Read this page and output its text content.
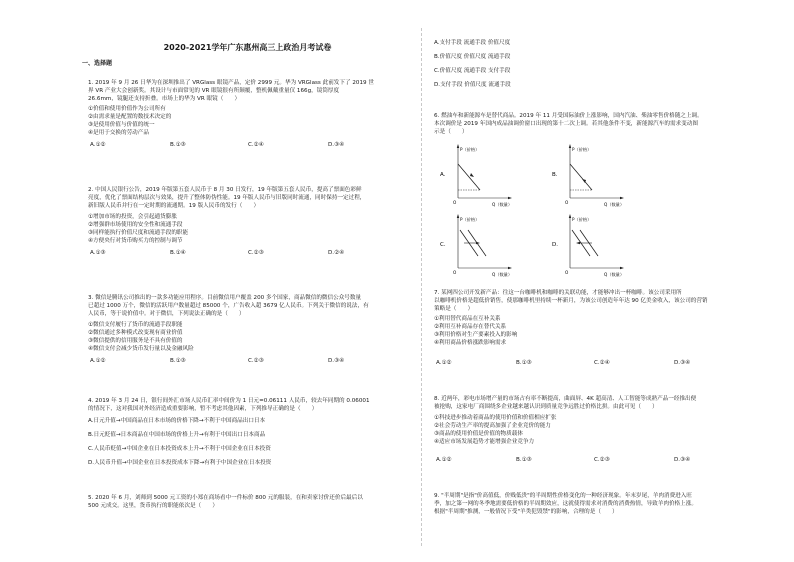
2020-2021学年广东惠州高三上政治月考试卷
一、选择题
1. 2019 年 9 月 26 日华为在深圳推出了 VRGlass 眼镜产品，定价 2999 元。华为 VRGlass 此前发下了 2019 世
界 VR 产业大会创新奖。其设计与市面常见的 VR 眼镜很有所颠覆，整机佩戴重量仅 166g，镜筒厚度
26.6mm，镜腿还支持折叠。市场上的华为 VR 眼镜（　　）
①价值和使用价值作为公司所有
②由需求量是配置的数技术决定的
③是使用价值与价值的统一
④是用于交换的劳动产品
A.①②	B.①③	C.②④	D.③④
2. 中国人民银行公告，2019 年版第五套人民币于 8 月 30 日发行，19 年版第五套人民币，提高了票面色彩鲜
亮度，优化了票面结构层次与效果，提升了整体防伪性能。19 年版人民币与旧版同时流通，同时保持一定过程，
新旧版人民币并行在一定时期的流通期。19 版人民币的发行（　　）
①增加市场的投资，会引起通货膨胀
②增强群市场使用的安全性和流通手段
③同样能执行价值尺度和流通手段的职能
④方便央行对货币购买力的控制与调节
A.①③	B.①④	C.②③	D.②④
3. 微信是腾讯公司推出的一款多功能应用程序。目前微信用户覆盖 200 多个国家，商品微信的微信公众号数量
已超过 1000 万个，微信的活跃用户数量超过 85000 个，广告收入超 3679 亿人民币。下列关于微信的说法，有
人民币，等于说价值中。对于微信，下列说法正确的是（　　）
①微信支付履行了货币的流通手段职能
②微信通过多种模式改变现有商业价值
③微信提供的信用服务是不具有价值的
④微信支付会减少货币发行量以及金融风险
A.①②	B.①③	C.②③	D.③④
4. 2019 年 3 月 24 日，银行间外汇市场人民币汇率中间价为 1 日元=0.06111 人民币，较去年同期的 0.06001
的情况下，这对我国对外经济造成重要影响，暂不考虑其他因素，下列推导正确的是（　　）
A.日元升值→中国商品在日本市场的价格下降→不利于中国商品出口日本
B.日元贬值→日本商品在中国市场的价格上升→有利于中国出口日本商品
C.人民币贬值→中国企业在日本投资成本上升→不利于中国企业在日本投资
D.人民币升值→中国企业在日本投资成本下降→有利于中国企业在日本投资
5. 2020 年 6 月，刘师到 5000 元工资的小郑在商场看中一件标价 800 元的服装，在和卖家讨价还价后最后以
500 元成交。这里，货币执行的职能依次是（　　）
A.支付手段 流通手段 价值尺度
B.价值尺度 价值尺度 流通手段
C.价值尺度 流通手段 支付手段
D.支付手段 价值尺度 流通手段
6. 燃油车和新能源车是替代商品。2019 年 11 月受国际油价上涨影响，国内汽油、柴油零售价格随之上调。
本次调价是 2019 年国内成品油调价窗口出现的第十二次上调。若其他条件不变，新能源汽车的需求变动图
示是（　　）
A.
P（价格）
Q（数量）
O
B.
P（价格）
Q（数量）
O
C.
P（价格）
Q（数量）
O
D.
P（价格）
Q（数量）
O
7. 某网四公司开发新产品：往这一台咖啡机和咖啡的关联功能，才能够冲出一杯咖啡。该公司采用所
以咖啡机价格是超低价销售，使那咖啡机里持续一杯新月，为该公司创造年年达 90 亿美金收入，该公司的营销
策略是（　　）
①利用替代商品在互补关系
②利用互补商品存在替代关系
③利用价格对生产要素投入的影响
④利用商品价格涨跌影响需求
A.①②	B.①③	C.②④	D.③④
8. 近两年，彩电市场增产量的市场占有率不断提高，曲面屏、4K 超高清、人工智能等成熟产品一经推出便
被抢购，这家电厂商围绕多企业越来越认识到质量竞争远胜过价格比拼。由此可见（　　）
①科技进步推动着商品的使用价值和价值相应扩张
②社会劳动生产率的提高加强了企业竞价的能力
③商品的使用价值是价值的物质载体
④适应市场发展趋势才能增强企业竞争力
A.①②	B.①③	C.②③	D.③④
9. "半周期"是指"价高值低，价贱低贵"的半周期性价格变化的一种经济现象。年末岁尾，羊肉消费进入旺
季，加之第一网的冬季地需要低价格的半周期效应，这就使得需求对消费的消费热情，导致羊肉价格上涨。
根据"半周期"推测，一般情况下受"羊类犯毁禁"的影响，合理的是（　　）
